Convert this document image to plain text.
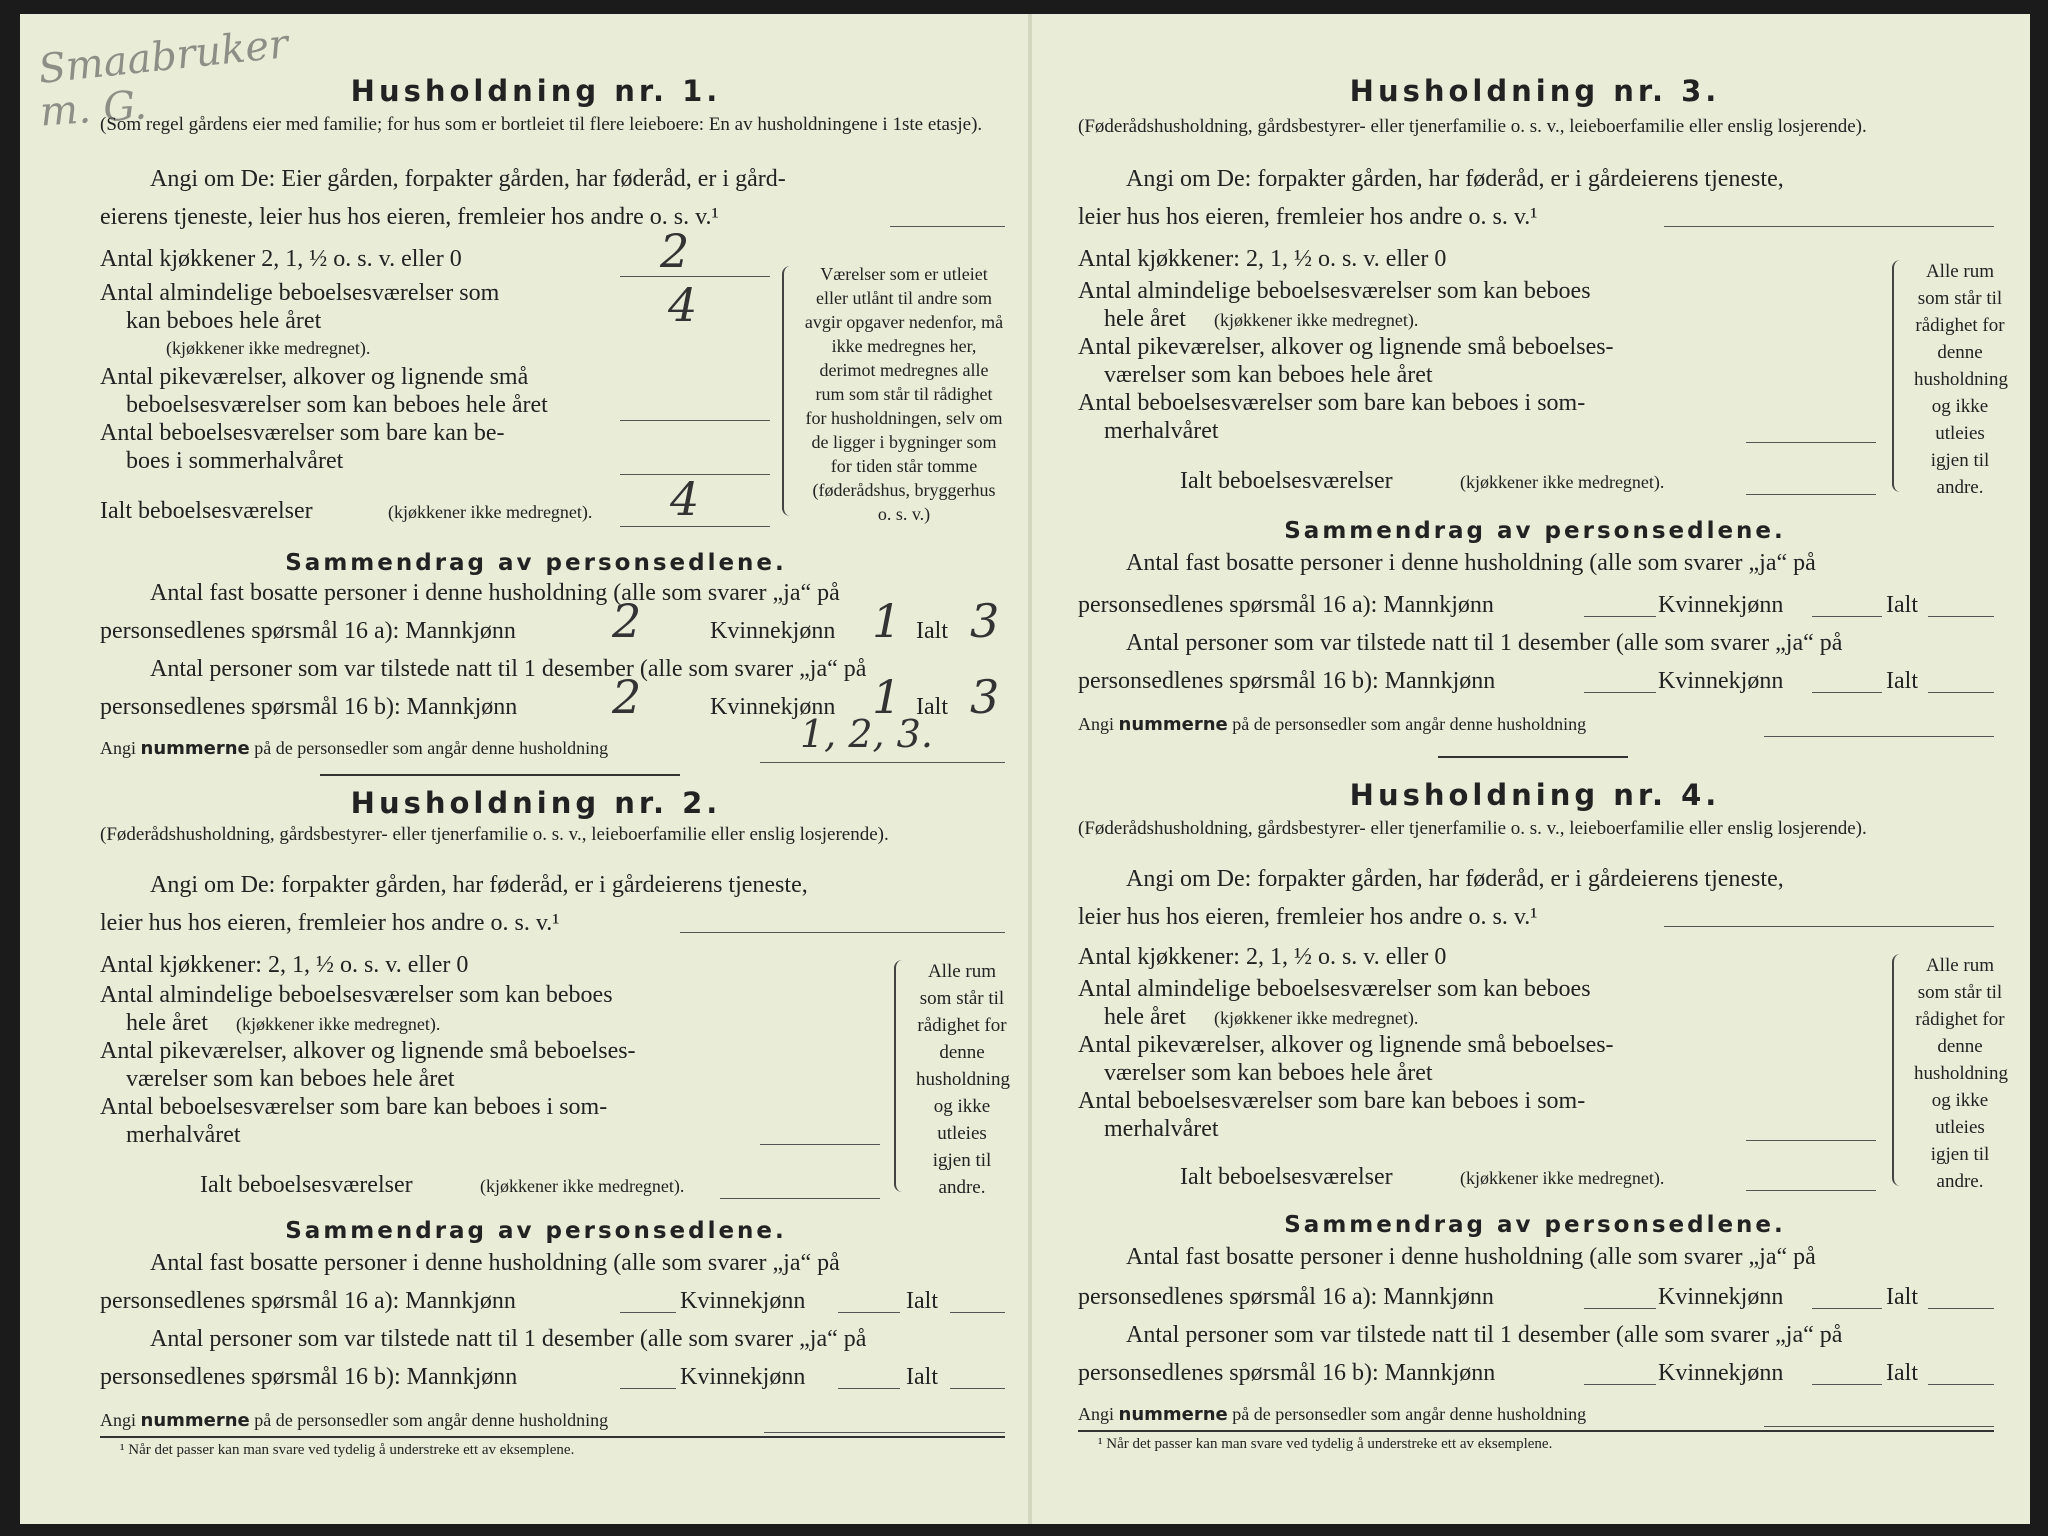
Smaabruker
m. G.	Husholdning nr. 1.
(Som regel gårdens eier med familie; for hus som er bortleiet til flere leieboere: En av husholdningene i 1ste etasje).
Angi om De: Eier gården, forpakter gården, har føderåd, er i gård-
eierens tjeneste, leier hus hos eieren, fremleier hos andre o. s. v.¹
Antal kjøkkener 2, 1, ½ o. s. v. eller 0	2
Antal almindelige beboelsesværelser som
kan beboes hele året	4
(kjøkkener ikke medregnet).
Antal pikeværelser, alkover og lignende små
beboelsesværelser som kan beboes hele året
Antal beboelsesværelser som bare kan be-
boes i sommerhalvåret
Ialt beboelsesværelser	(kjøkkener ikke medregnet). 4
Værelser som er utleiet eller utlånt til andre som avgir opgaver nedenfor, må ikke medregnes her, derimot medregnes alle rum som står til rådighet for husholdningen, selv om de ligger i bygninger som for tiden står tomme (føderådshus, bryggerhus o. s. v.)
Sammendrag av personsedlene.
Antal fast bosatte personer i denne husholdning (alle som svarer „ja“ på
personsedlenes spørsmål 16 a): Mannkjønn 2	Kvinnekjønn 1 Ialt 3
Antal personer som var tilstede natt til 1 desember (alle som svarer „ja“ på
personsedlenes spørsmål 16 b): Mannkjønn 2	Kvinnekjønn 1 Ialt 3
Angi nummerne på de personsedler som angår denne husholdning	1, 2, 3.
Husholdning nr. 2.
(Føderådshusholdning, gårdsbestyrer- eller tjenerfamilie o. s. v., leieboerfamilie eller enslig losjerende).
Angi om De: forpakter gården, har føderåd, er i gårdeierens tjeneste,
leier hus hos eieren, fremleier hos andre o. s. v.¹
Antal kjøkkener: 2, 1, ½ o. s. v. eller 0
Antal almindelige beboelsesværelser som kan beboes
hele året (kjøkkener ikke medregnet).
Antal pikeværelser, alkover og lignende små beboelses-
værelser som kan beboes hele året
Antal beboelsesværelser som bare kan beboes i som-
merhalvåret
Ialt beboelsesværelser	(kjøkkener ikke medregnet).
Alle rum som står til rådighet for denne husholdning og ikke utleies igjen til andre.
Sammendrag av personsedlene.
Antal fast bosatte personer i denne husholdning (alle som svarer „ja“ på
personsedlenes spørsmål 16 a): Mannkjønn	Kvinnekjønn	Ialt
Antal personer som var tilstede natt til 1 desember (alle som svarer „ja“ på
personsedlenes spørsmål 16 b): Mannkjønn	Kvinnekjønn	Ialt
Angi nummerne på de personsedler som angår denne husholdning
¹ Når det passer kan man svare ved tydelig å understreke ett av eksemplene.
Husholdning nr. 3.
(Føderådshusholdning, gårdsbestyrer- eller tjenerfamilie o. s. v., leieboerfamilie eller enslig losjerende).
Angi om De: forpakter gården, har føderåd, er i gårdeierens tjeneste,
leier hus hos eieren, fremleier hos andre o. s. v.¹
Antal kjøkkener: 2, 1, ½ o. s. v. eller 0
Antal almindelige beboelsesværelser som kan beboes
hele året (kjøkkener ikke medregnet).
Antal pikeværelser, alkover og lignende små beboelses-
værelser som kan beboes hele året
Antal beboelsesværelser som bare kan beboes i som-
merhalvåret
Ialt beboelsesværelser	(kjøkkener ikke medregnet).
Alle rum som står til rådighet for denne husholdning og ikke utleies igjen til andre.
Sammendrag av personsedlene.
Antal fast bosatte personer i denne husholdning (alle som svarer „ja“ på
personsedlenes spørsmål 16 a): Mannkjønn	Kvinnekjønn	Ialt
Antal personer som var tilstede natt til 1 desember (alle som svarer „ja“ på
personsedlenes spørsmål 16 b): Mannkjønn	Kvinnekjønn	Ialt
Angi nummerne på de personsedler som angår denne husholdning
Husholdning nr. 4.
(Føderådshusholdning, gårdsbestyrer- eller tjenerfamilie o. s. v., leieboerfamilie eller enslig losjerende).
Angi om De: forpakter gården, har føderåd, er i gårdeierens tjeneste,
leier hus hos eieren, fremleier hos andre o. s. v.¹
Antal kjøkkener: 2, 1, ½ o. s. v. eller 0
Antal almindelige beboelsesværelser som kan beboes
hele året (kjøkkener ikke medregnet).
Antal pikeværelser, alkover og lignende små beboelses-
værelser som kan beboes hele året
Antal beboelsesværelser som bare kan beboes i som-
merhalvåret
Ialt beboelsesværelser	(kjøkkener ikke medregnet).
Alle rum som står til rådighet for denne husholdning og ikke utleies igjen til andre.
Sammendrag av personsedlene.
Antal fast bosatte personer i denne husholdning (alle som svarer „ja“ på
personsedlenes spørsmål 16 a): Mannkjønn	Kvinnekjønn	Ialt
Antal personer som var tilstede natt til 1 desember (alle som svarer „ja“ på
personsedlenes spørsmål 16 b): Mannkjønn	Kvinnekjønn	Ialt
Angi nummerne på de personsedler som angår denne husholdning
¹ Når det passer kan man svare ved tydelig å understreke ett av eksemplene.
